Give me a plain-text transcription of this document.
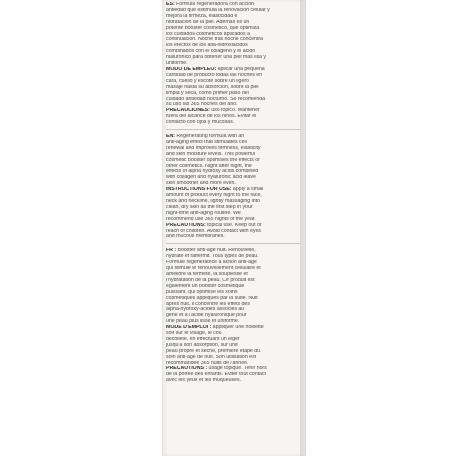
ES: Fórmula regeneradora con acción
antiedad que estimula la renovación celular y
mejora la firmeza, elasticidad e
hidratación de la piel. Además es un
potente booster cosmético, que optimiza
los cuidados cosméticos aplicados a
continuación. Noche tras noche concentra
los efectos de los alfa-hidroxiácidos
combinados con el colágeno y el ácido
hialurónico para obtener una piel más lisa y
uniforme.
MODO DE EMPLEO: aplicar una pequeña
cantidad de producto todas las noches en
cara, cuello y escote sobre un ligero
masaje hasta su absorción, sobre la piel
limpia y seca, como primer paso del
cuidado antiedad nocturno. Se recomienda
su uso las 365 noches del año.
PRECAUCIONES: uso tópico. Mantener
fuera del alcance de los niños. Evitar el
contacto con ojos y mucosas.
EN: Regenerating formula with an
anti-aging effect that stimulates cell
renewal and improves firmness, elasticity
and skin moisture levels. This powerful
cosmetic booster optimises the effects of
other cosmetics. Night after night, the
effects of alpha hydroxy acids combined
with collagen and hyaluronic acid leave
skin smoother and more even.
INSTRUCTIONS FOR USE: apply a small
amount of product every night to the face,
neck and neckline, lightly massaging into
clean, dry skin as the first step in your
night-time anti-aging routine. We
recommend use 365 nights of the year.
PRECAUTIONS: topical use. Keep out of
reach of children. Avoid contact with eyes
and mucous membranes.
FR : Booster anti-âge nuit. Renouvelle,
hydrate et raffermit. Tous types de peau.
Formule régénératrice à action anti-âge
qui stimule le renouvellement cellulaire et
améliore la fermeté, la souplesse et
l'hydratation de la peau. Ce produit est
également un booster cosmétique
puissant, qui optimise les soins
cosmétiques appliqués par la suite. Nuit
après nuit, il concentre les effets des
alpha-hydroxy-acides associés au
gène et à l'acide hyaluronique pour
une peau plus lisse et uniforme.
MODE D'EMPLOI : appliquer une noisette
soir sur le visage, le cou
décolleté, en effectuant un léger
jusqu'à son absorption, sur une
peau propre et sèche, première étape du
soin anti-âge de nuit. Son utilisation est
recommandée 365 nuits de l'année.
PRÉCAUTIONS : usage topique. Tenir hors
de la portée des enfants. Éviter tout contact
avec les yeux et les muqueuses.
